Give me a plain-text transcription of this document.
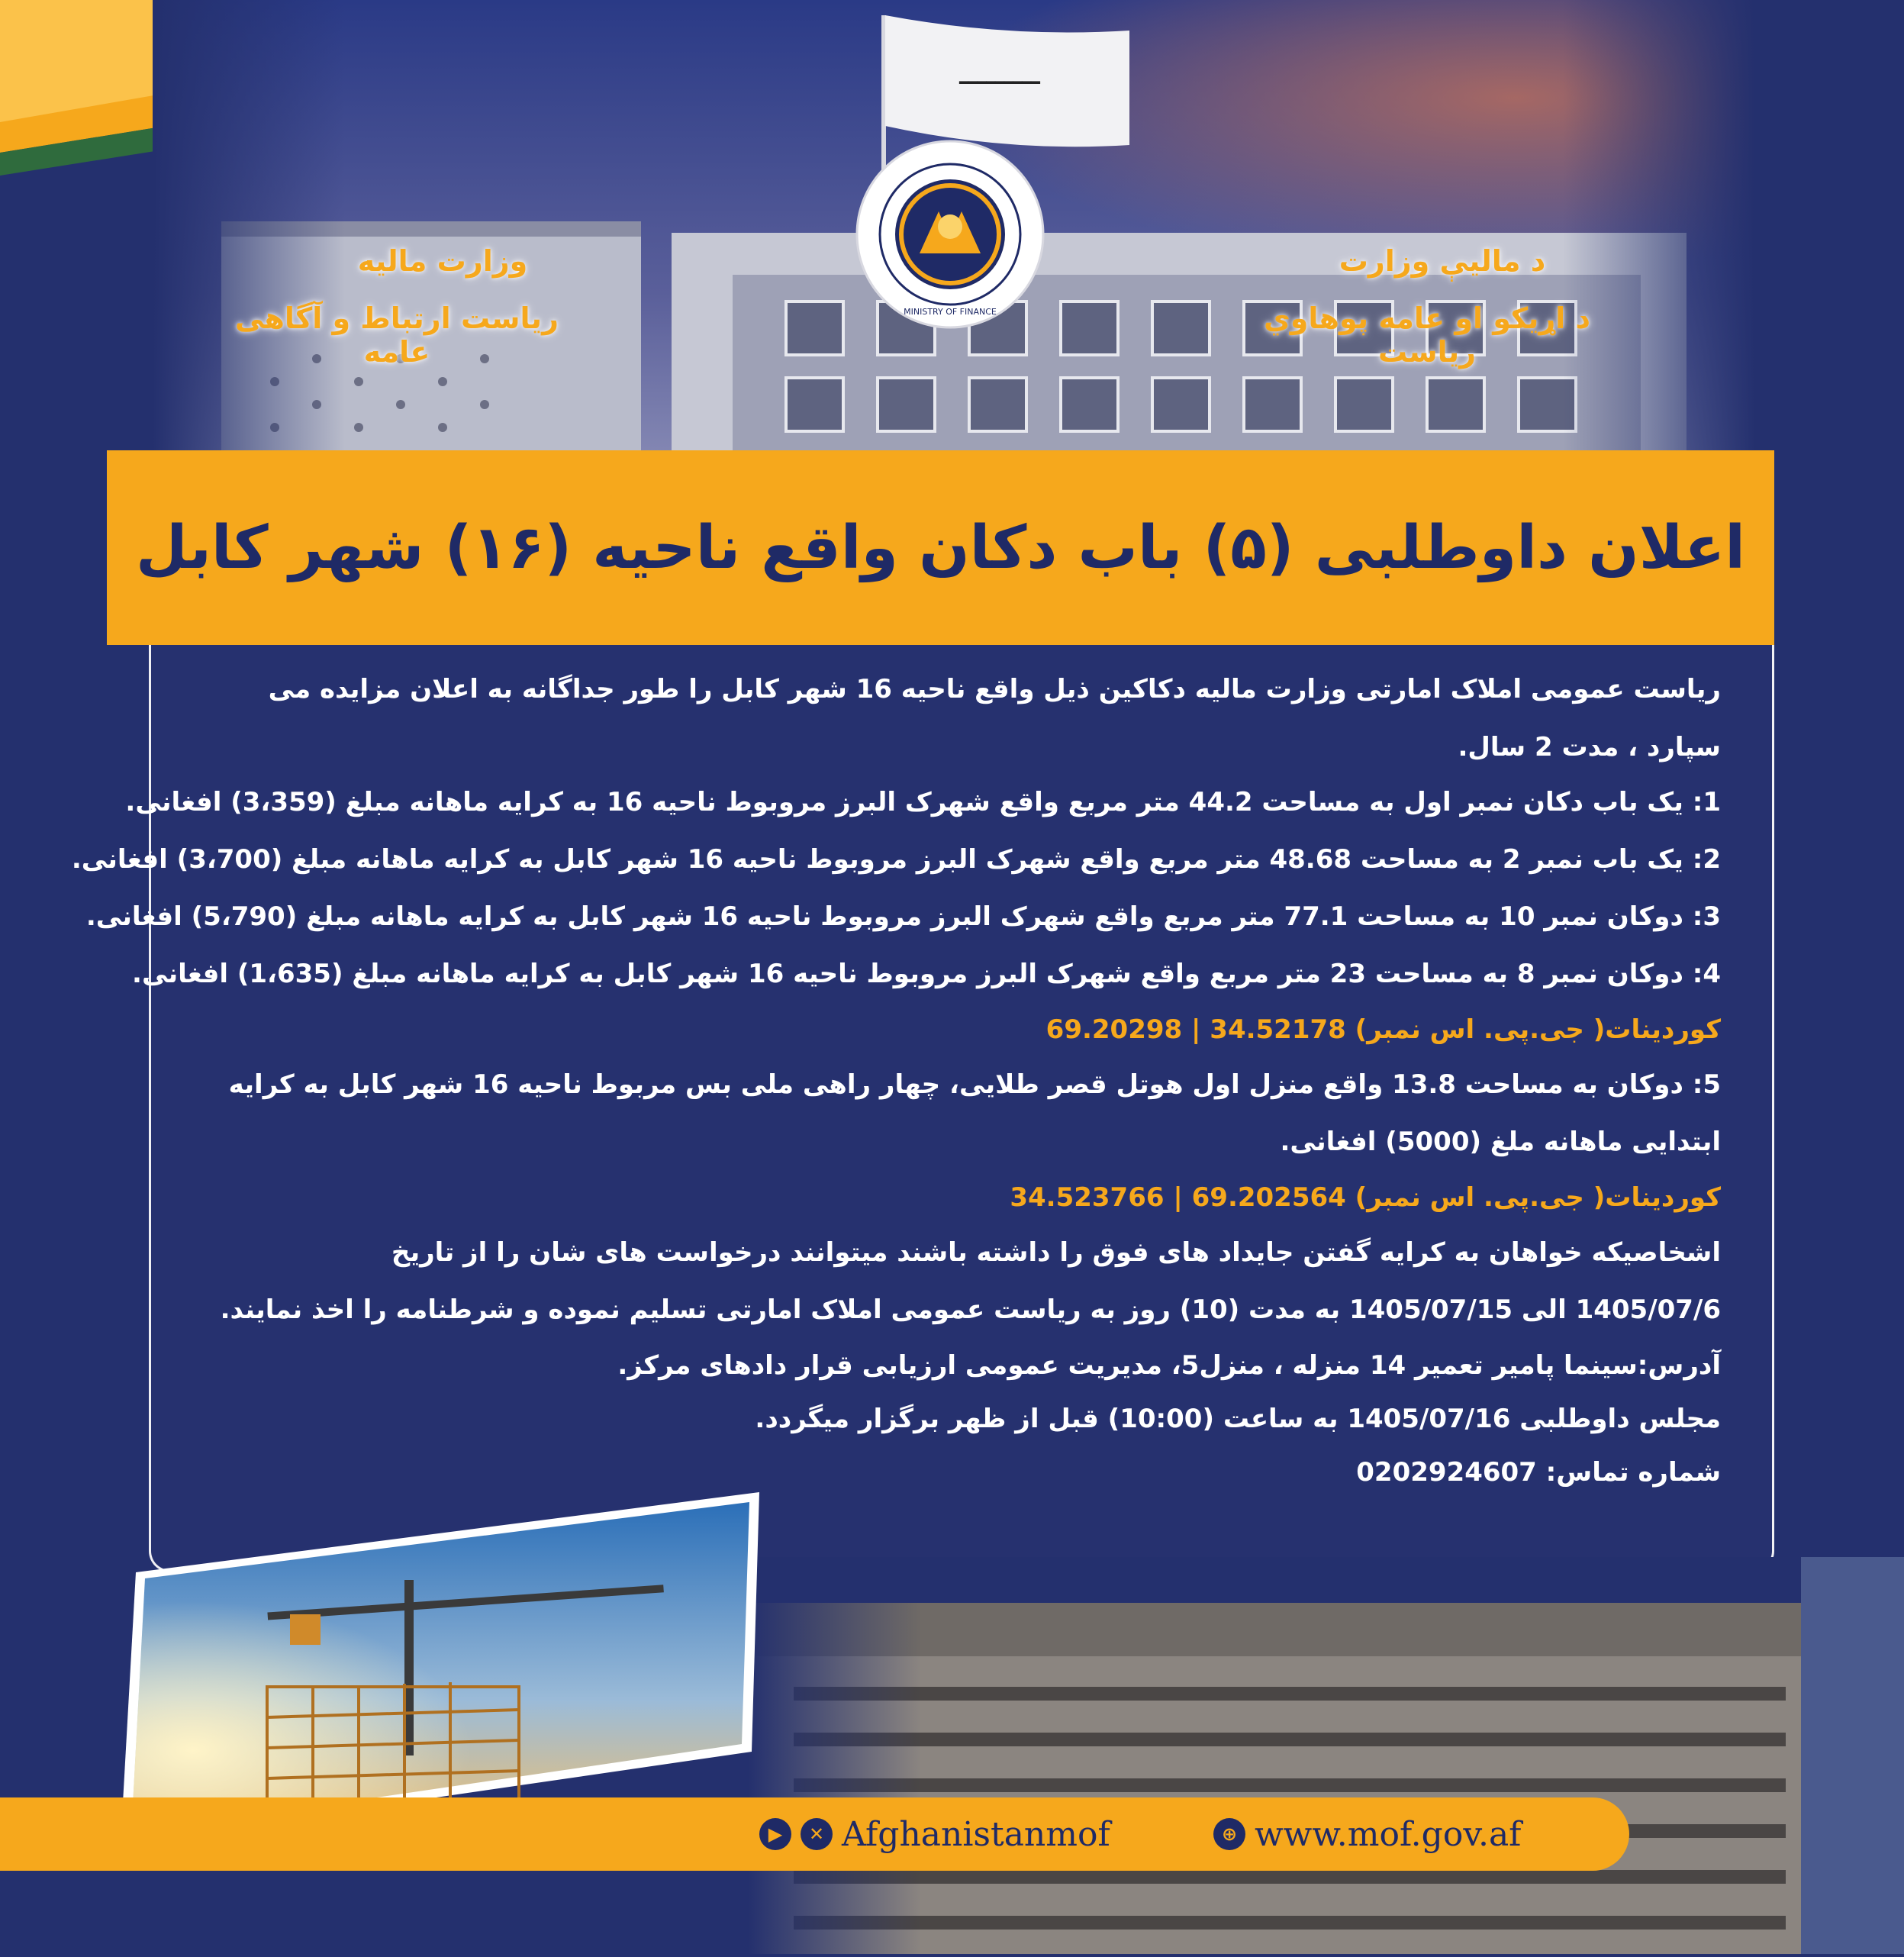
وزارت مالیه
ریاست ارتباط و آگاهی عامه
د مالیې وزارت
د اړیکو او عامه پوهاوي ریاست
MINISTRY OF FINANCE
اعلان داوطلبی (۵) باب دکان واقع ناحیه (۱۶) شهر کابل

ریاست عمومی املاک امارتی وزارت مالیه دکاکین ذیل واقع ناحیه 16 شهر کابل را طور جداگانه به اعلان مزایده می

سپارد ، مدت 2 سال.

1: یک باب دکان نمبر اول به مساحت 44.2 متر مربع واقع شهرک البرز مروبوط ناحیه 16 به کرایه ماهانه مبلغ (3،359) افغانی.

2: یک باب نمبر 2 به مساحت 48.68 متر مربع واقع شهرک البرز مروبوط ناحیه 16 شهر کابل به کرایه ماهانه مبلغ (3،700) افغانی.

3: دوکان نمبر 10 به مساحت 77.1 متر مربع واقع شهرک البرز مروبوط ناحیه 16 شهر کابل به کرایه ماهانه مبلغ (5،790) افغانی.

4: دوکان نمبر 8 به مساحت 23 متر مربع واقع شهرک البرز مروبوط ناحیه 16 شهر کابل به کرایه ماهانه مبلغ (1،635) افغانی.

کوردینات( جی.پی. اس نمبر) 34.52178 | 69.20298

5: دوکان به مساحت 13.8 واقع منزل اول هوتل قصر طلایی، چهار راهی ملی بس مربوط ناحیه 16 شهر کابل به کرایه

ابتدایی ماهانه ملغ (5000) افغانی.

کوردینات( جی.پی. اس نمبر) 69.202564 | 34.523766

اشخاصیکه خواهان به کرایه گفتن جایداد های فوق را داشته باشند میتوانند درخواست های شان را از تاریخ

1405/07/6 الی 1405/07/15 به مدت (10) روز به ریاست عمومی املاک امارتی تسلیم نموده و شرطنامه را اخذ نمایند.

آدرس:سینما پامیر تعمیر 14 منزله ، منزل5، مدیریت عمومی ارزیابی قرار دادهای مرکز.

مجلس داوطلبی 1405/07/16 به ساعت (10:00) قبل از ظهر برگزار میگردد.

شماره تماس: 0202924607

▶	✕ Afghanistanmof	⊕ www.mof.gov.af
